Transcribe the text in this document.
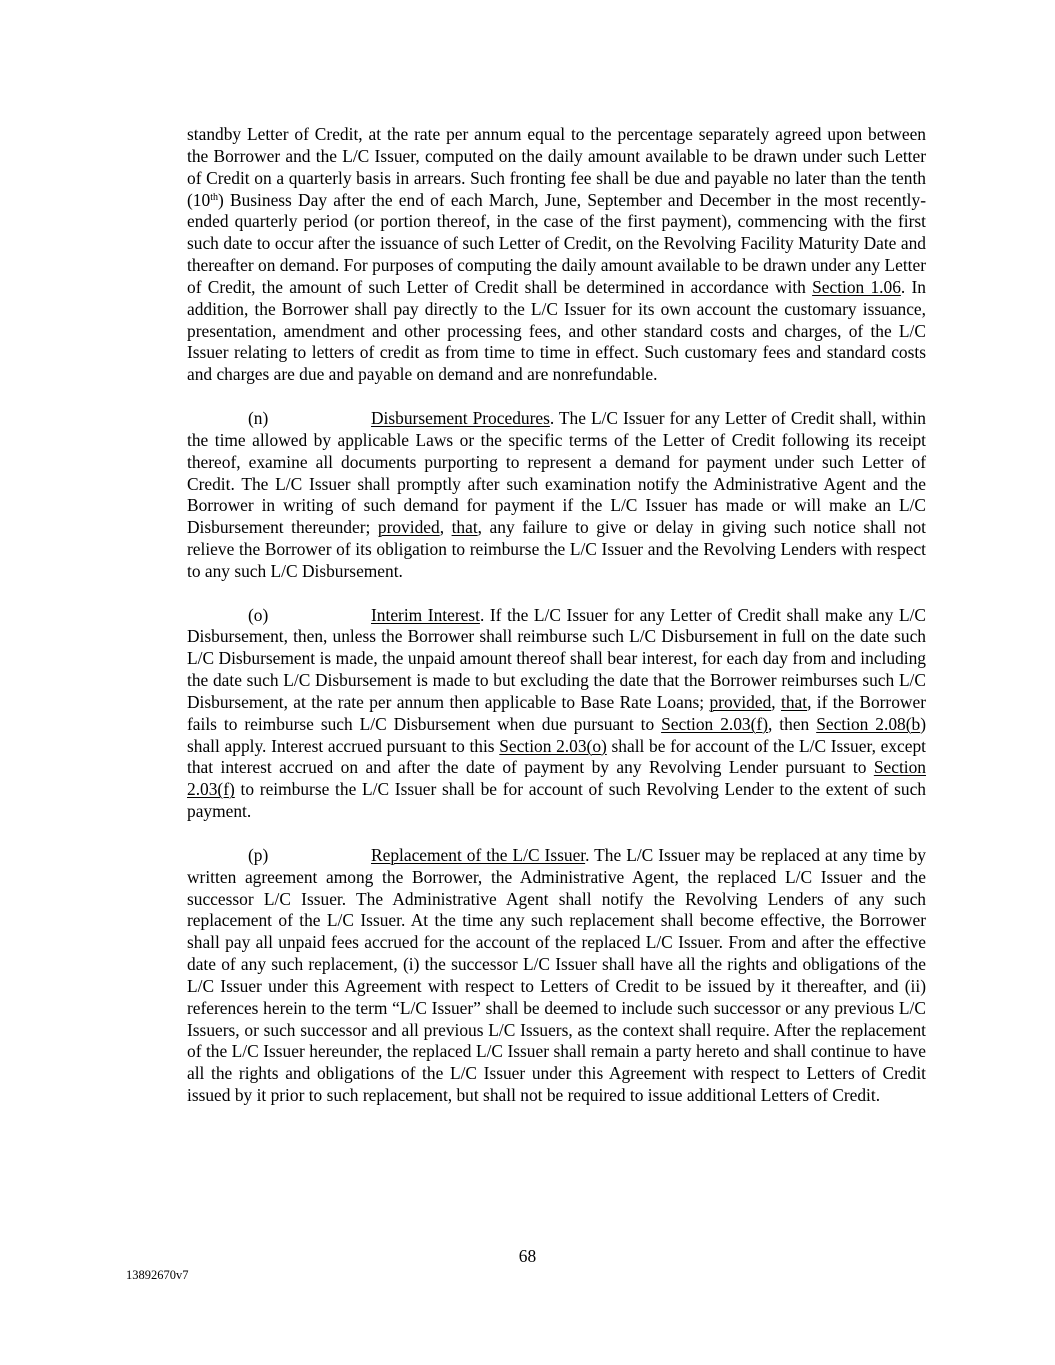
standby Letter of Credit, at the rate per annum equal to the percentage separately agreed upon between the Borrower and the L/C Issuer, computed on the daily amount available to be drawn under such Letter of Credit on a quarterly basis in arrears. Such fronting fee shall be due and payable no later than the tenth (10th) Business Day after the end of each March, June, September and December in the most recently-ended quarterly period (or portion thereof, in the case of the first payment), commencing with the first such date to occur after the issuance of such Letter of Credit, on the Revolving Facility Maturity Date and thereafter on demand. For purposes of computing the daily amount available to be drawn under any Letter of Credit, the amount of such Letter of Credit shall be determined in accordance with Section 1.06. In addition, the Borrower shall pay directly to the L/C Issuer for its own account the customary issuance, presentation, amendment and other processing fees, and other standard costs and charges, of the L/C Issuer relating to letters of credit as from time to time in effect. Such customary fees and standard costs and charges are due and payable on demand and are nonrefundable.

(n)	Disbursement Procedures. The L/C Issuer for any Letter of Credit shall, within the time allowed by applicable Laws or the specific terms of the Letter of Credit following its receipt thereof, examine all documents purporting to represent a demand for payment under such Letter of Credit. The L/C Issuer shall promptly after such examination notify the Administrative Agent and the Borrower in writing of such demand for payment if the L/C Issuer has made or will make an L/C Disbursement thereunder; provided, that, any failure to give or delay in giving such notice shall not relieve the Borrower of its obligation to reimburse the L/C Issuer and the Revolving Lenders with respect to any such L/C Disbursement.

(o)	Interim Interest. If the L/C Issuer for any Letter of Credit shall make any L/C Disbursement, then, unless the Borrower shall reimburse such L/C Disbursement in full on the date such L/C Disbursement is made, the unpaid amount thereof shall bear interest, for each day from and including the date such L/C Disbursement is made to but excluding the date that the Borrower reimburses such L/C Disbursement, at the rate per annum then applicable to Base Rate Loans; provided, that, if the Borrower fails to reimburse such L/C Disbursement when due pursuant to Section 2.03(f), then Section 2.08(b) shall apply. Interest accrued pursuant to this Section 2.03(o) shall be for account of the L/C Issuer, except that interest accrued on and after the date of payment by any Revolving Lender pursuant to Section 2.03(f) to reimburse the L/C Issuer shall be for account of such Revolving Lender to the extent of such payment.

(p)	Replacement of the L/C Issuer. The L/C Issuer may be replaced at any time by written agreement among the Borrower, the Administrative Agent, the replaced L/C Issuer and the successor L/C Issuer. The Administrative Agent shall notify the Revolving Lenders of any such replacement of the L/C Issuer. At the time any such replacement shall become effective, the Borrower shall pay all unpaid fees accrued for the account of the replaced L/C Issuer. From and after the effective date of any such replacement, (i) the successor L/C Issuer shall have all the rights and obligations of the L/C Issuer under this Agreement with respect to Letters of Credit to be issued by it thereafter, and (ii) references herein to the term “L/C Issuer” shall be deemed to include such successor or any previous L/C Issuers, or such successor and all previous L/C Issuers, as the context shall require. After the replacement of the L/C Issuer hereunder, the replaced L/C Issuer shall remain a party hereto and shall continue to have all the rights and obligations of the L/C Issuer under this Agreement with respect to Letters of Credit issued by it prior to such replacement, but shall not be required to issue additional Letters of Credit.

68
13892670v7
